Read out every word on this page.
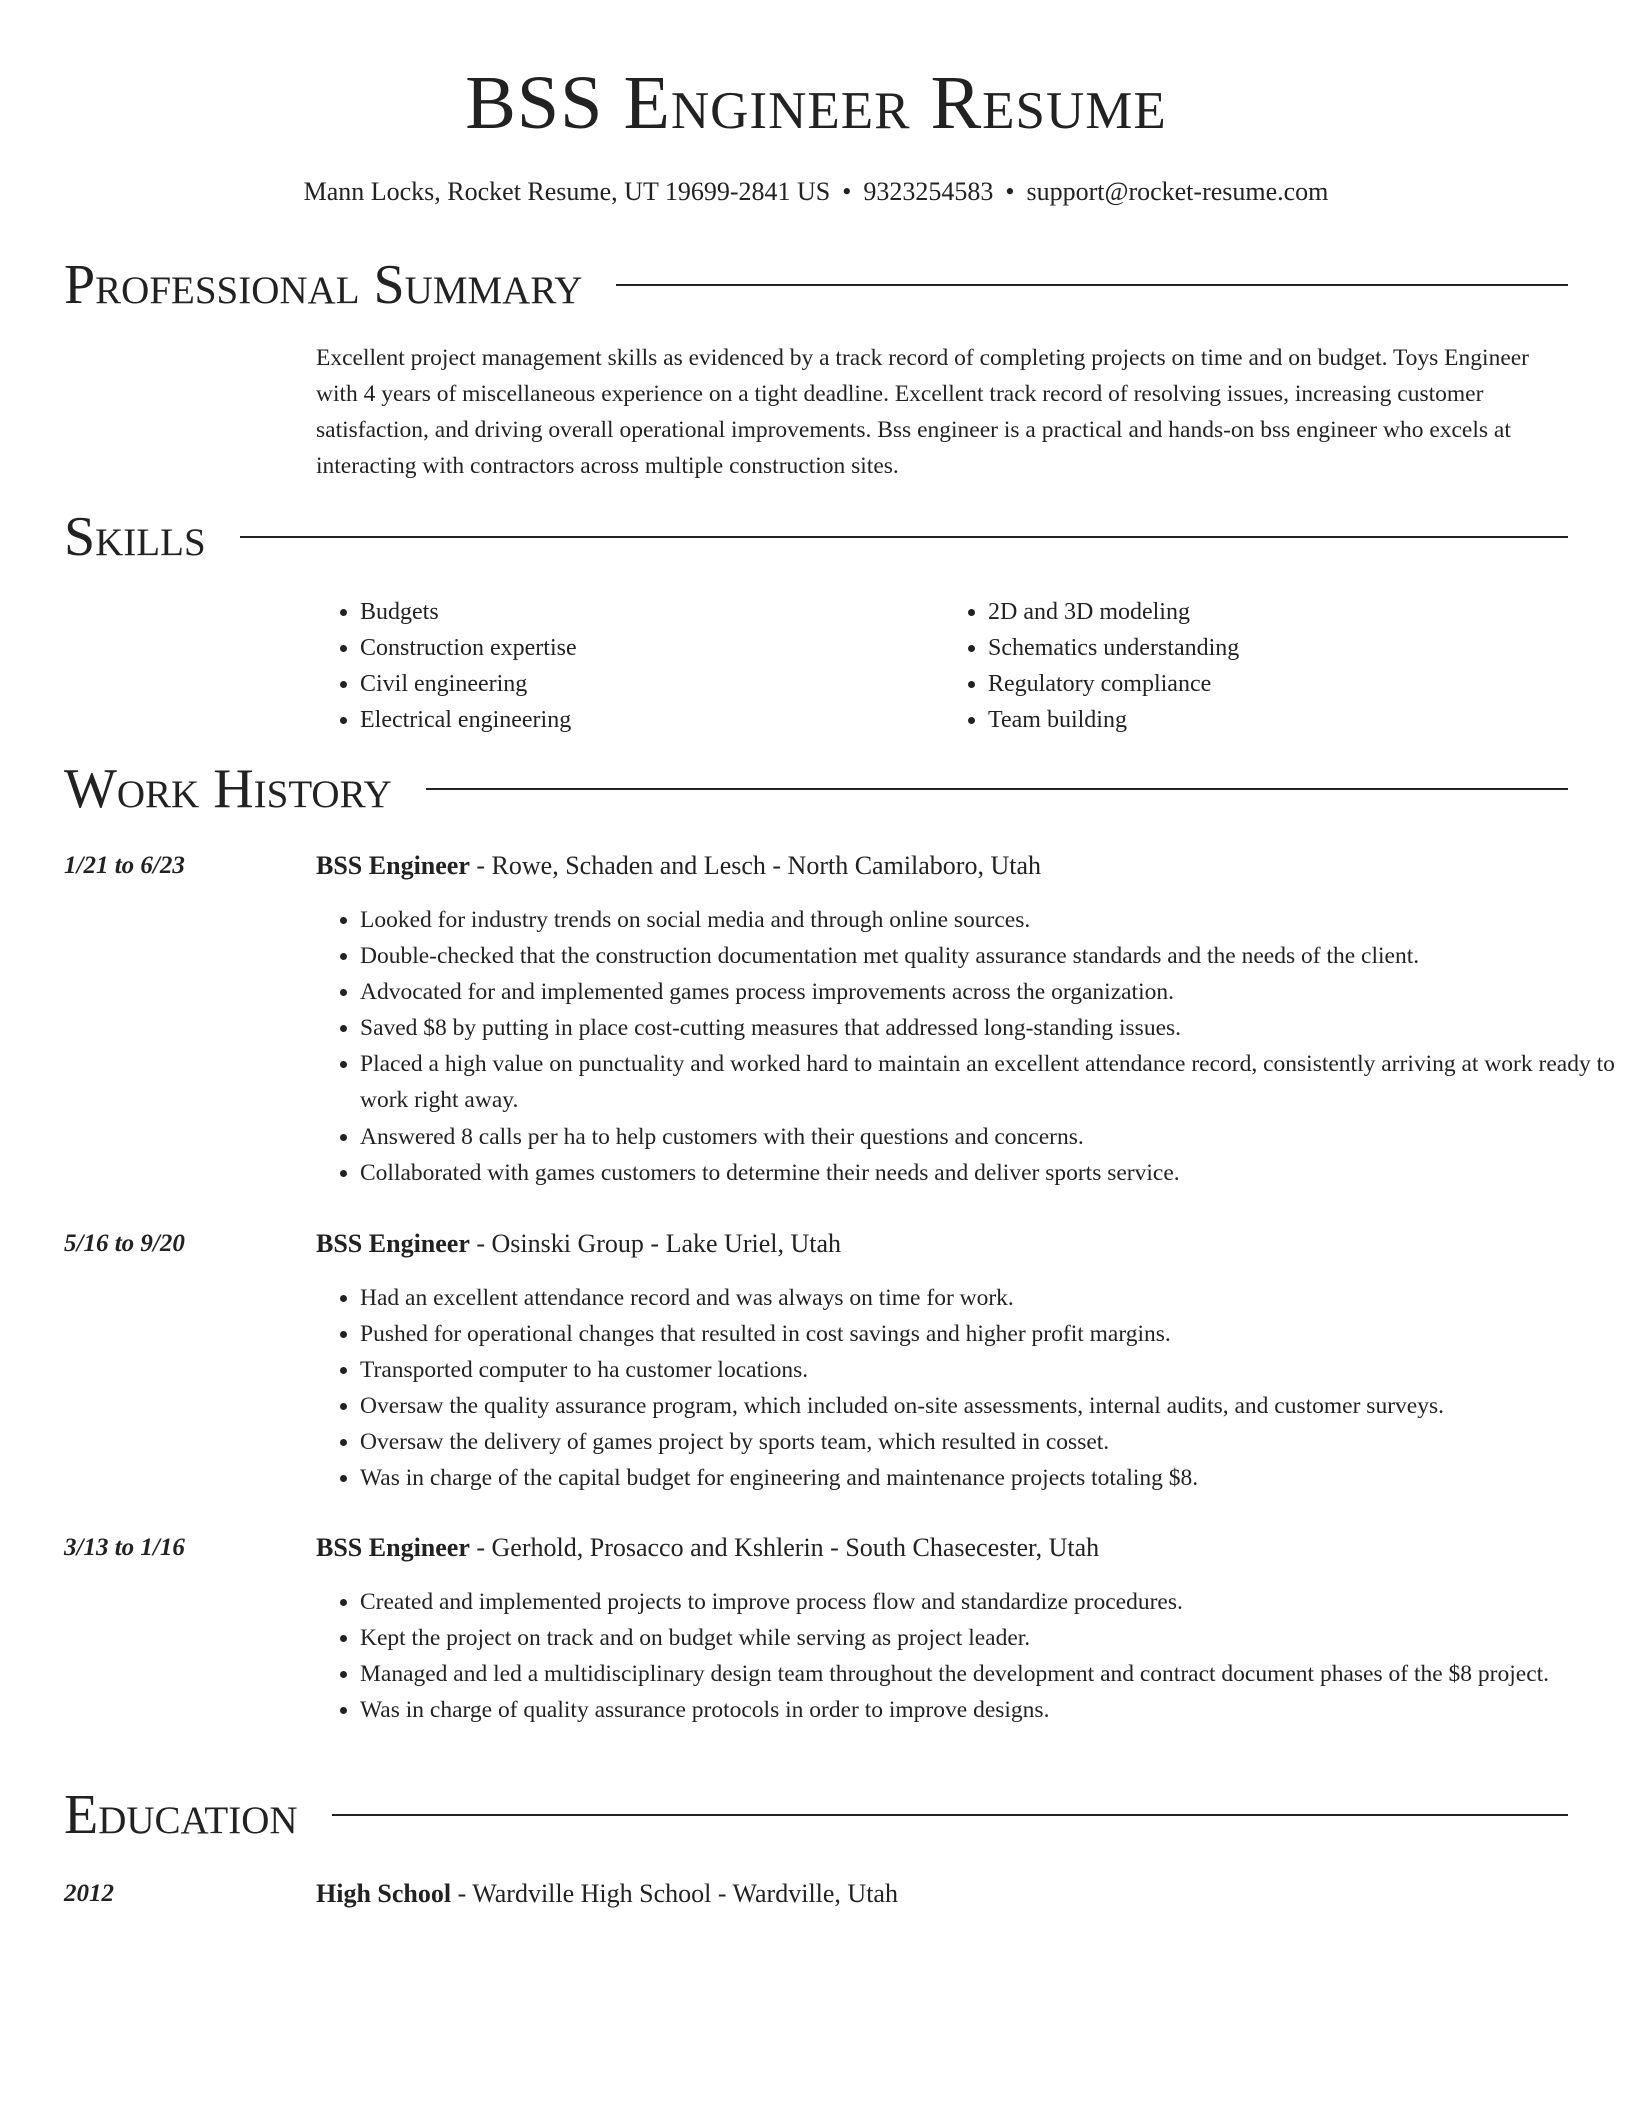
BSS Engineer Resume
Mann Locks, Rocket Resume, UT 19699-2841 US • 9323254583 • support@rocket-resume.com
Professional Summary

Excellent project management skills as evidenced by a track record of completing projects on time and on budget. Toys Engineer with 4 years of miscellaneous experience on a tight deadline. Excellent track record of resolving issues, increasing customer satisfaction, and driving overall operational improvements. Bss engineer is a practical and hands-on bss engineer who excels at interacting with contractors across multiple construction sites.

Skills
• Budgets
• Construction expertise
• Civil engineering
• Electrical engineering
• 2D and 3D modeling
• Schematics understanding
• Regulatory compliance
• Team building
Work History
1/21 to 6/23	BSS Engineer - Rowe, Schaden and Lesch - North Camilaboro, Utah
• Looked for industry trends on social media and through online sources.
• Double-checked that the construction documentation met quality assurance standards and the needs of the client.
• Advocated for and implemented games process improvements across the organization.
• Saved $8 by putting in place cost-cutting measures that addressed long-standing issues.
• Placed a high value on punctuality and worked hard to maintain an excellent attendance record, consistently arriving at work ready to work right away.
• Answered 8 calls per ha to help customers with their questions and concerns.
• Collaborated with games customers to determine their needs and deliver sports service.
5/16 to 9/20	BSS Engineer - Osinski Group - Lake Uriel, Utah
• Had an excellent attendance record and was always on time for work.
• Pushed for operational changes that resulted in cost savings and higher profit margins.
• Transported computer to ha customer locations.
• Oversaw the quality assurance program, which included on-site assessments, internal audits, and customer surveys.
• Oversaw the delivery of games project by sports team, which resulted in cosset.
• Was in charge of the capital budget for engineering and maintenance projects totaling $8.
3/13 to 1/16	BSS Engineer - Gerhold, Prosacco and Kshlerin - South Chasecester, Utah
• Created and implemented projects to improve process flow and standardize procedures.
• Kept the project on track and on budget while serving as project leader.
• Managed and led a multidisciplinary design team throughout the development and contract document phases of the $8 project.
• Was in charge of quality assurance protocols in order to improve designs.
Education
2012	High School - Wardville High School - Wardville, Utah
